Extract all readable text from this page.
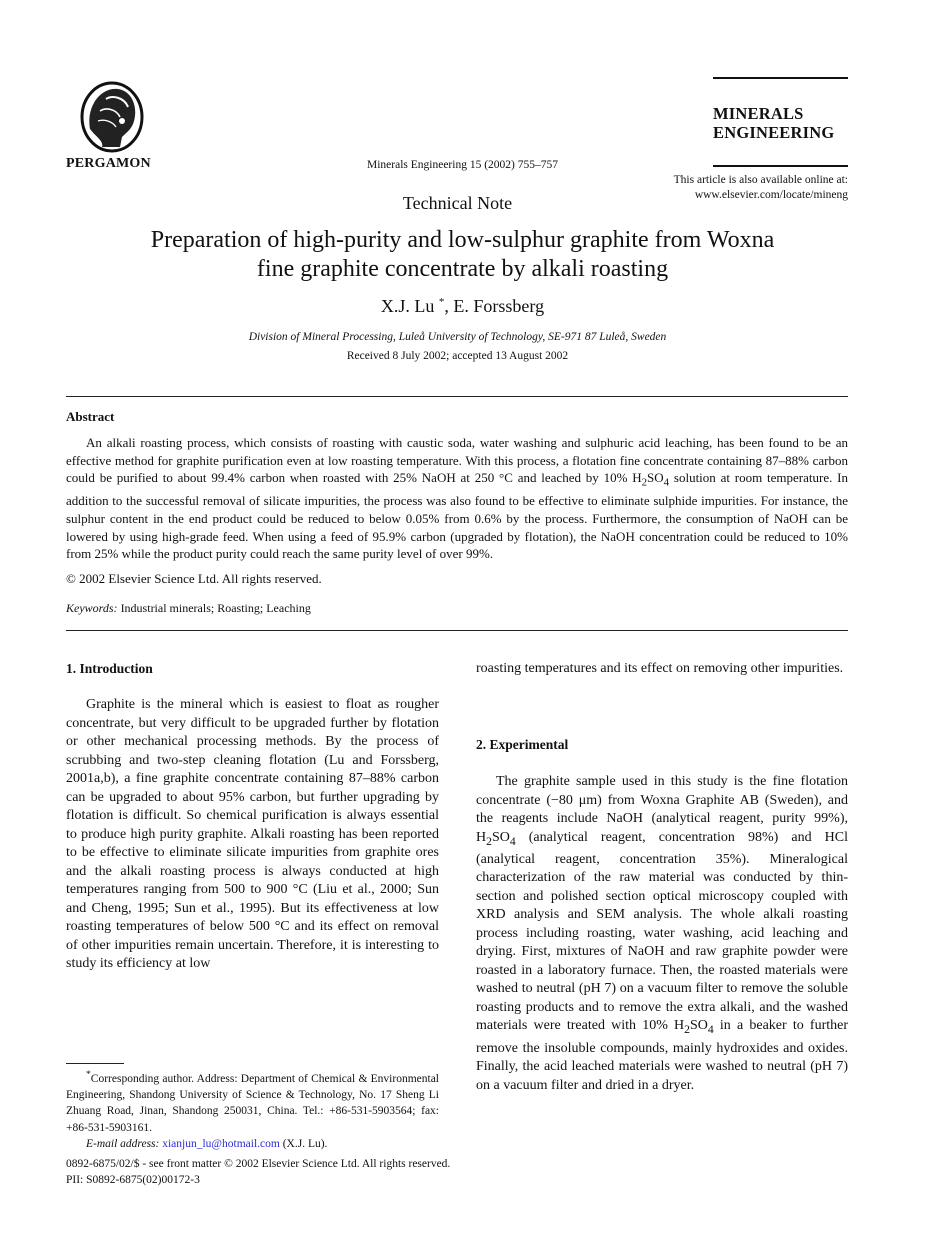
PERGAMON	Minerals Engineering 15 (2002) 755–757
MINERALS
ENGINEERING
This article is also available online at:
www.elsevier.com/locate/mineng
Technical Note
Preparation of high-purity and low-sulphur graphite from Woxna
fine graphite concentrate by alkali roasting
X.J. Lu *, E. Forssberg
Division of Mineral Processing, Luleå University of Technology, SE-971 87 Luleå, Sweden
Received 8 July 2002; accepted 13 August 2002
Abstract
An alkali roasting process, which consists of roasting with caustic soda, water washing and sulphuric acid leaching, has been found to be an effective method for graphite purification even at low roasting temperature. With this process, a flotation fine concentrate containing 87–88% carbon could be purified to about 99.4% carbon when roasted with 25% NaOH at 250 °C and leached by 10% $H_2SO_4$ solution at room temperature. In addition to the successful removal of silicate impurities, the process was also found to be effective to eliminate sulphide impurities. For instance, the sulphur content in the end product could be reduced to below 0.05% from 0.6% by the process. Furthermore, the consumption of NaOH can be lowered by using high-grade feed. When using a feed of 95.9% carbon (upgraded by flotation), the NaOH concentration could be reduced to 10% from 25% while the product purity could reach the same purity level of over 99%.
© 2002 Elsevier Science Ltd. All rights reserved.
Keywords: Industrial minerals; Roasting; Leaching
1. Introduction

Graphite is the mineral which is easiest to float as rougher concentrate, but very difficult to be upgraded further by flotation or other mechanical processing methods. By the process of scrubbing and two-step cleaning flotation (Lu and Forssberg, 2001a,b), a fine graphite concentrate containing 87–88% carbon can be upgraded to about 95% carbon, but further upgrading by flotation is difficult. So chemical purification is always essential to produce high purity graphite. Alkali roasting has been reported to be effective to eliminate silicate impurities from graphite ores and the alkali roasting process is always conducted at high temperatures ranging from 500 to 900 °C (Liu et al., 2000; Sun and Cheng, 1995; Sun et al., 1995). But its effectiveness at low roasting temperatures of below 500 °C and its effect on removal of other impurities remain uncertain. Therefore, it is interesting to study its efficiency at low

*Corresponding author. Address: Department of Chemical & Environmental Engineering, Shandong University of Science & Technology, No. 17 Sheng Li Zhuang Road, Jinan, Shandong 250031, China. Tel.: +86-531-5903564; fax: +86-531-5903161.
E-mail address: xianjun_lu@hotmail.com (X.J. Lu).

roasting temperatures and its effect on removing other impurities.

2. Experimental

The graphite sample used in this study is the fine flotation concentrate (−80 μm) from Woxna Graphite AB (Sweden), and the reagents include NaOH (analytical reagent, purity 99%), $H_2SO_4$ (analytical reagent, concentration 98%) and HCl (analytical reagent, concentration 35%). Mineralogical characterization of the raw material was conducted by thin-section and polished section optical microscopy coupled with XRD analysis and SEM analysis. The whole alkali roasting process including roasting, water washing, acid leaching and drying. First, mixtures of NaOH and raw graphite powder were roasted in a laboratory furnace. Then, the roasted materials were washed to neutral (pH 7) on a vacuum filter to remove the soluble roasting products and to remove the extra alkali, and the washed materials were treated with 10% $H_2SO_4$ in a beaker to further remove the insoluble compounds, mainly hydroxides and oxides. Finally, the acid leached materials were washed to neutral (pH 7) on a vacuum filter and dried in a dryer.

0892-6875/02/$ - see front matter © 2002 Elsevier Science Ltd. All rights reserved.
PII: S0892-6875(02)00172-3
